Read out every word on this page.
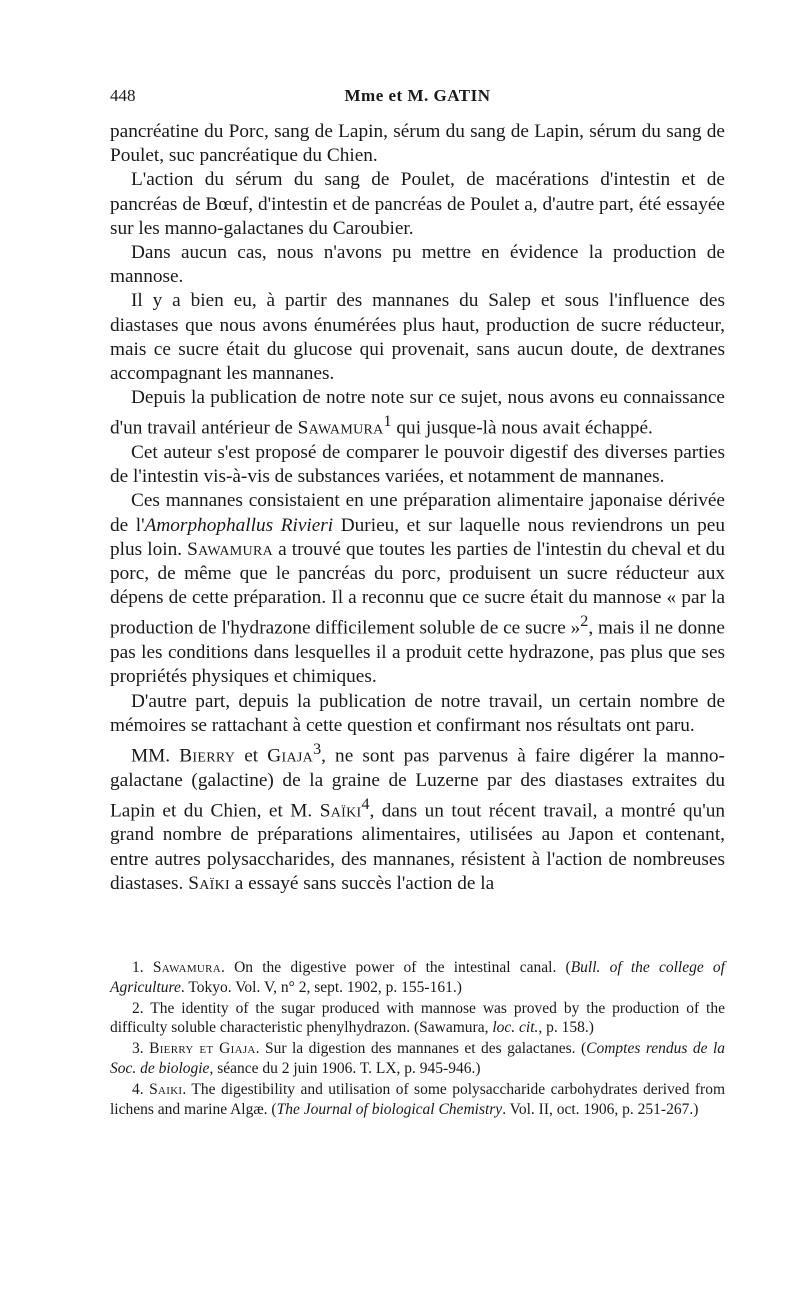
448	Mme et M. GATIN

pancréatine du Porc, sang de Lapin, sérum du sang de Lapin, sérum du sang de Poulet, suc pancréatique du Chien.

L'action du sérum du sang de Poulet, de macérations d'intestin et de pancréas de Bœuf, d'intestin et de pancréas de Poulet a, d'autre part, été essayée sur les manno-galactanes du Caroubier.

Dans aucun cas, nous n'avons pu mettre en évidence la production de mannose.

Il y a bien eu, à partir des mannanes du Salep et sous l'influence des diastases que nous avons énumérées plus haut, production de sucre réducteur, mais ce sucre était du glucose qui provenait, sans aucun doute, de dextranes accompagnant les mannanes.

Depuis la publication de notre note sur ce sujet, nous avons eu connaissance d'un travail antérieur de Sawamura$^1$ qui jusque-là nous avait échappé.

Cet auteur s'est proposé de comparer le pouvoir digestif des diverses parties de l'intestin vis-à-vis de substances variées, et notamment de mannanes.

Ces mannanes consistaient en une préparation alimentaire japonaise dérivée de l'Amorphophallus Rivieri Durieu, et sur laquelle nous reviendrons un peu plus loin. Sawamura a trouvé que toutes les parties de l'intestin du cheval et du porc, de même que le pancréas du porc, produisent un sucre réducteur aux dépens de cette préparation. Il a reconnu que ce sucre était du mannose « par la production de l'hydrazone difficilement soluble de ce sucre »$^2$, mais il ne donne pas les conditions dans lesquelles il a produit cette hydrazone, pas plus que ses propriétés physiques et chimiques.

D'autre part, depuis la publication de notre travail, un certain nombre de mémoires se rattachant à cette question et confirmant nos résultats ont paru.

MM. Bierry et Giaja$^3$, ne sont pas parvenus à faire digérer la manno-galactane (galactine) de la graine de Luzerne par des diastases extraites du Lapin et du Chien, et M. Saïki$^4$, dans un tout récent travail, a montré qu'un grand nombre de préparations alimentaires, utilisées au Japon et contenant, entre autres polysaccharides, des mannanes, résistent à l'action de nombreuses diastases. Saïki a essayé sans succès l'action de la

1. Sawamura. On the digestive power of the intestinal canal. (Bull. of the college of Agriculture. Tokyo. Vol. V, n° 2, sept. 1902, p. 155-161.)

2. The identity of the sugar produced with mannose was proved by the production of the difficulty soluble characteristic phenylhydrazon. (Sawamura, loc. cit., p. 158.)

3. Bierry et Giaja. Sur la digestion des mannanes et des galactanes. (Comptes rendus de la Soc. de biologie, séance du 2 juin 1906. T. LX, p. 945-946.)

4. Saiki. The digestibility and utilisation of some polysaccharide carbohydrates derived from lichens and marine Algæ. (The Journal of biological Chemistry. Vol. II, oct. 1906, p. 251-267.)
